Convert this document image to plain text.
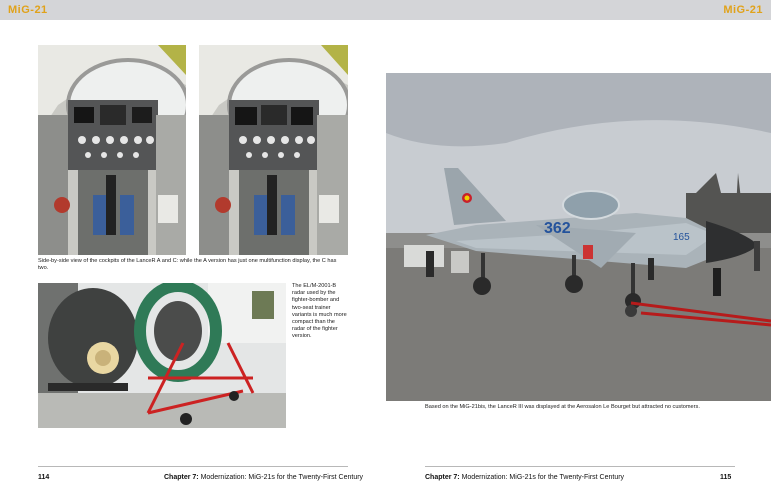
MiG-21	MiG-21
Side-by-side view of the cockpits of the LanceR A and C: while the A version has just one multifunction display, the C has two.
The EL/M-2001-B radar used by the fighter-bomber and two-seat trainer variants is much more compact than the radar of the fighter version.
362
165
Based on the MiG-21bis, the LanceR III was displayed at the Aerosalon Le Bourget but attracted no customers.
114	Chapter 7: Modernization: MiG-21s for the Twenty-First Century	Chapter 7: Modernization: MiG-21s for the Twenty-First Century	115
